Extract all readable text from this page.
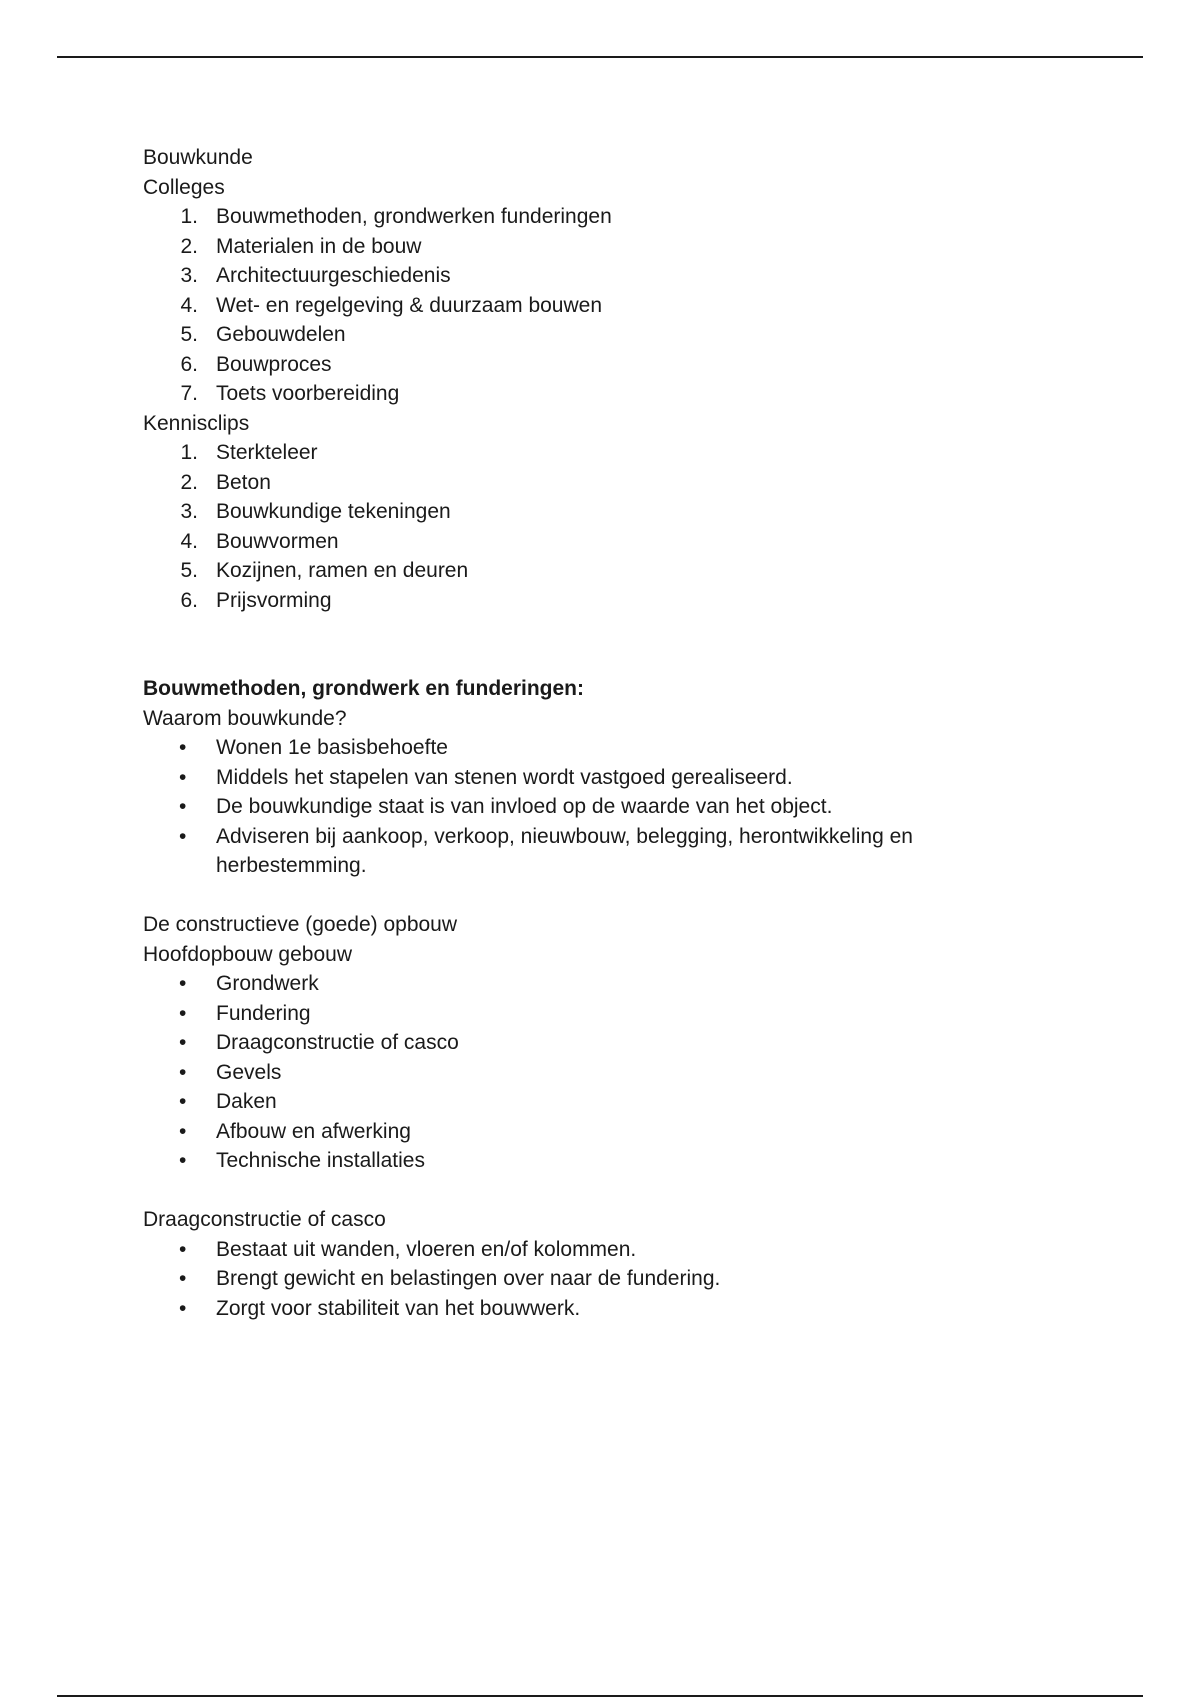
Bouwkunde

Colleges

1. Bouwmethoden, grondwerken funderingen
2. Materialen in de bouw
3. Architectuurgeschiedenis
4. Wet- en regelgeving & duurzaam bouwen
5. Gebouwdelen
6. Bouwproces
7. Toets voorbereiding

Kennisclips

1. Sterkteleer
2. Beton
3. Bouwkundige tekeningen
4. Bouwvormen
5. Kozijnen, ramen en deuren
6. Prijsvorming

Bouwmethoden, grondwerk en funderingen:

Waarom bouwkunde?

•	Wonen 1e basisbehoefte
•	Middels het stapelen van stenen wordt vastgoed gerealiseerd.
•	De bouwkundige staat is van invloed op de waarde van het object.
•	Adviseren bij aankoop, verkoop, nieuwbouw, belegging, herontwikkeling en
herbestemming.

De constructieve (goede) opbouw

Hoofdopbouw gebouw

•	Grondwerk
•	Fundering
•	Draagconstructie of casco
•	Gevels
•	Daken
•	Afbouw en afwerking
•	Technische installaties

Draagconstructie of casco

•	Bestaat uit wanden, vloeren en/of kolommen.
•	Brengt gewicht en belastingen over naar de fundering.
•	Zorgt voor stabiliteit van het bouwwerk.
